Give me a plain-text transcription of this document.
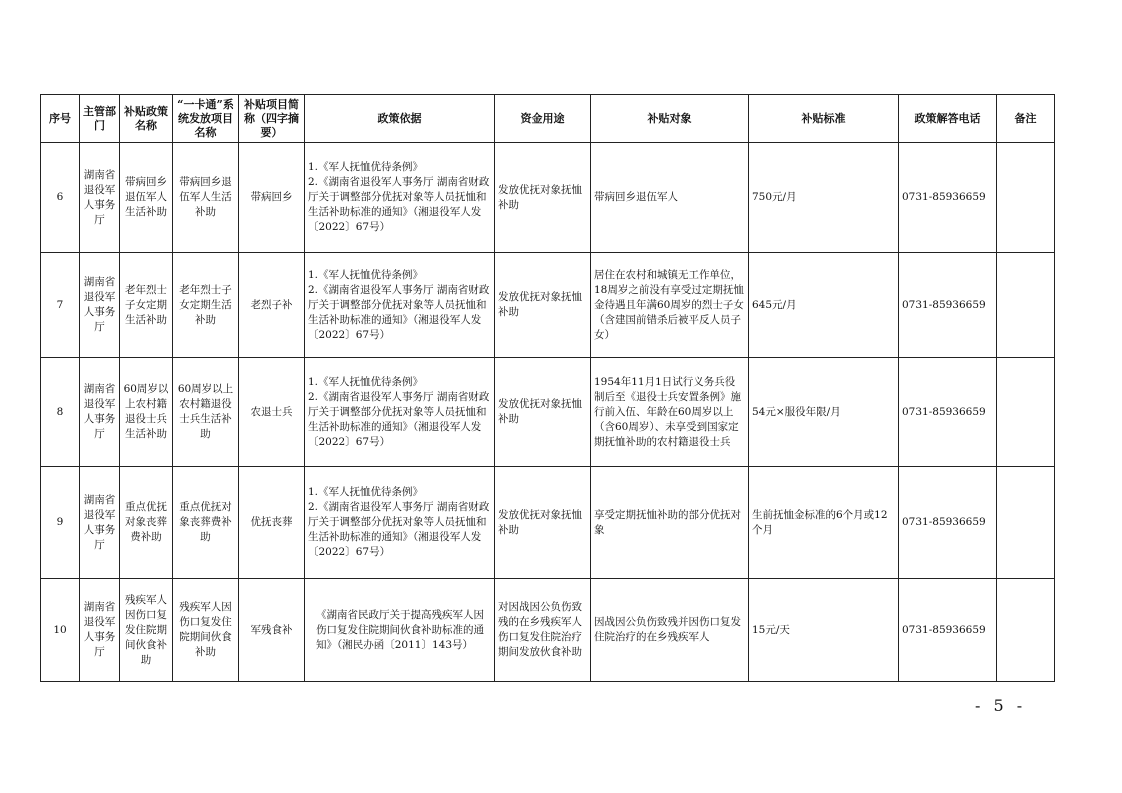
序号	主管部门	补贴政策名称	“一卡通”系统发放项目名称	补贴项目简称（四字摘要）	政策依据	资金用途	补贴对象	补贴标准	政策解答电话	备注
6	湖南省退役军人事务厅	带病回乡退伍军人生活补助	带病回乡退伍军人生活补助	带病回乡	1.《军人抚恤优待条例》
2.《湖南省退役军人事务厅 湖南省财政厅关于调整部分优抚对象等人员抚恤和生活补助标准的通知》（湘退役军人发〔2022〕67号）	发放优抚对象抚恤补助	带病回乡退伍军人	750元/月	0731-85936659	
7	湖南省退役军人事务厅	老年烈士子女定期生活补助	老年烈士子女定期生活补助	老烈子补	1.《军人抚恤优待条例》
2.《湖南省退役军人事务厅 湖南省财政厅关于调整部分优抚对象等人员抚恤和生活补助标准的通知》（湘退役军人发〔2022〕67号）	发放优抚对象抚恤补助	居住在农村和城镇无工作单位，18周岁之前没有享受过定期抚恤金待遇且年满60周岁的烈士子女（含建国前错杀后被平反人员子女）	645元/月	0731-85936659	
8	湖南省退役军人事务厅	60周岁以上农村籍退役士兵生活补助	60周岁以上农村籍退役士兵生活补助	农退士兵	1.《军人抚恤优待条例》
2.《湖南省退役军人事务厅 湖南省财政厅关于调整部分优抚对象等人员抚恤和生活补助标准的通知》（湘退役军人发〔2022〕67号）	发放优抚对象抚恤补助	1954年11月1日试行义务兵役制后至《退役士兵安置条例》施行前入伍、年龄在60周岁以上（含60周岁）、未享受到国家定期抚恤补助的农村籍退役士兵	54元×服役年限/月	0731-85936659	
9	湖南省退役军人事务厅	重点优抚对象丧葬费补助	重点优抚对象丧葬费补助	优抚丧葬	1.《军人抚恤优待条例》
2.《湖南省退役军人事务厅 湖南省财政厅关于调整部分优抚对象等人员抚恤和生活补助标准的通知》（湘退役军人发〔2022〕67号）	发放优抚对象抚恤补助	享受定期抚恤补助的部分优抚对象	生前抚恤金标准的6个月或12个月	0731-85936659	
10	湖南省退役军人事务厅	残疾军人因伤口复发住院期间伙食补助	残疾军人因伤口复发住院期间伙食补助	军残食补	《湖南省民政厅关于提高残疾军人因伤口复发住院期间伙食补助标准的通知》（湘民办函〔2011〕143号）	对因战因公负伤致残的在乡残疾军人伤口复发住院治疗期间发放伙食补助	因战因公负伤致残并因伤口复发住院治疗的在乡残疾军人	15元/天	0731-85936659	
- 5 -
